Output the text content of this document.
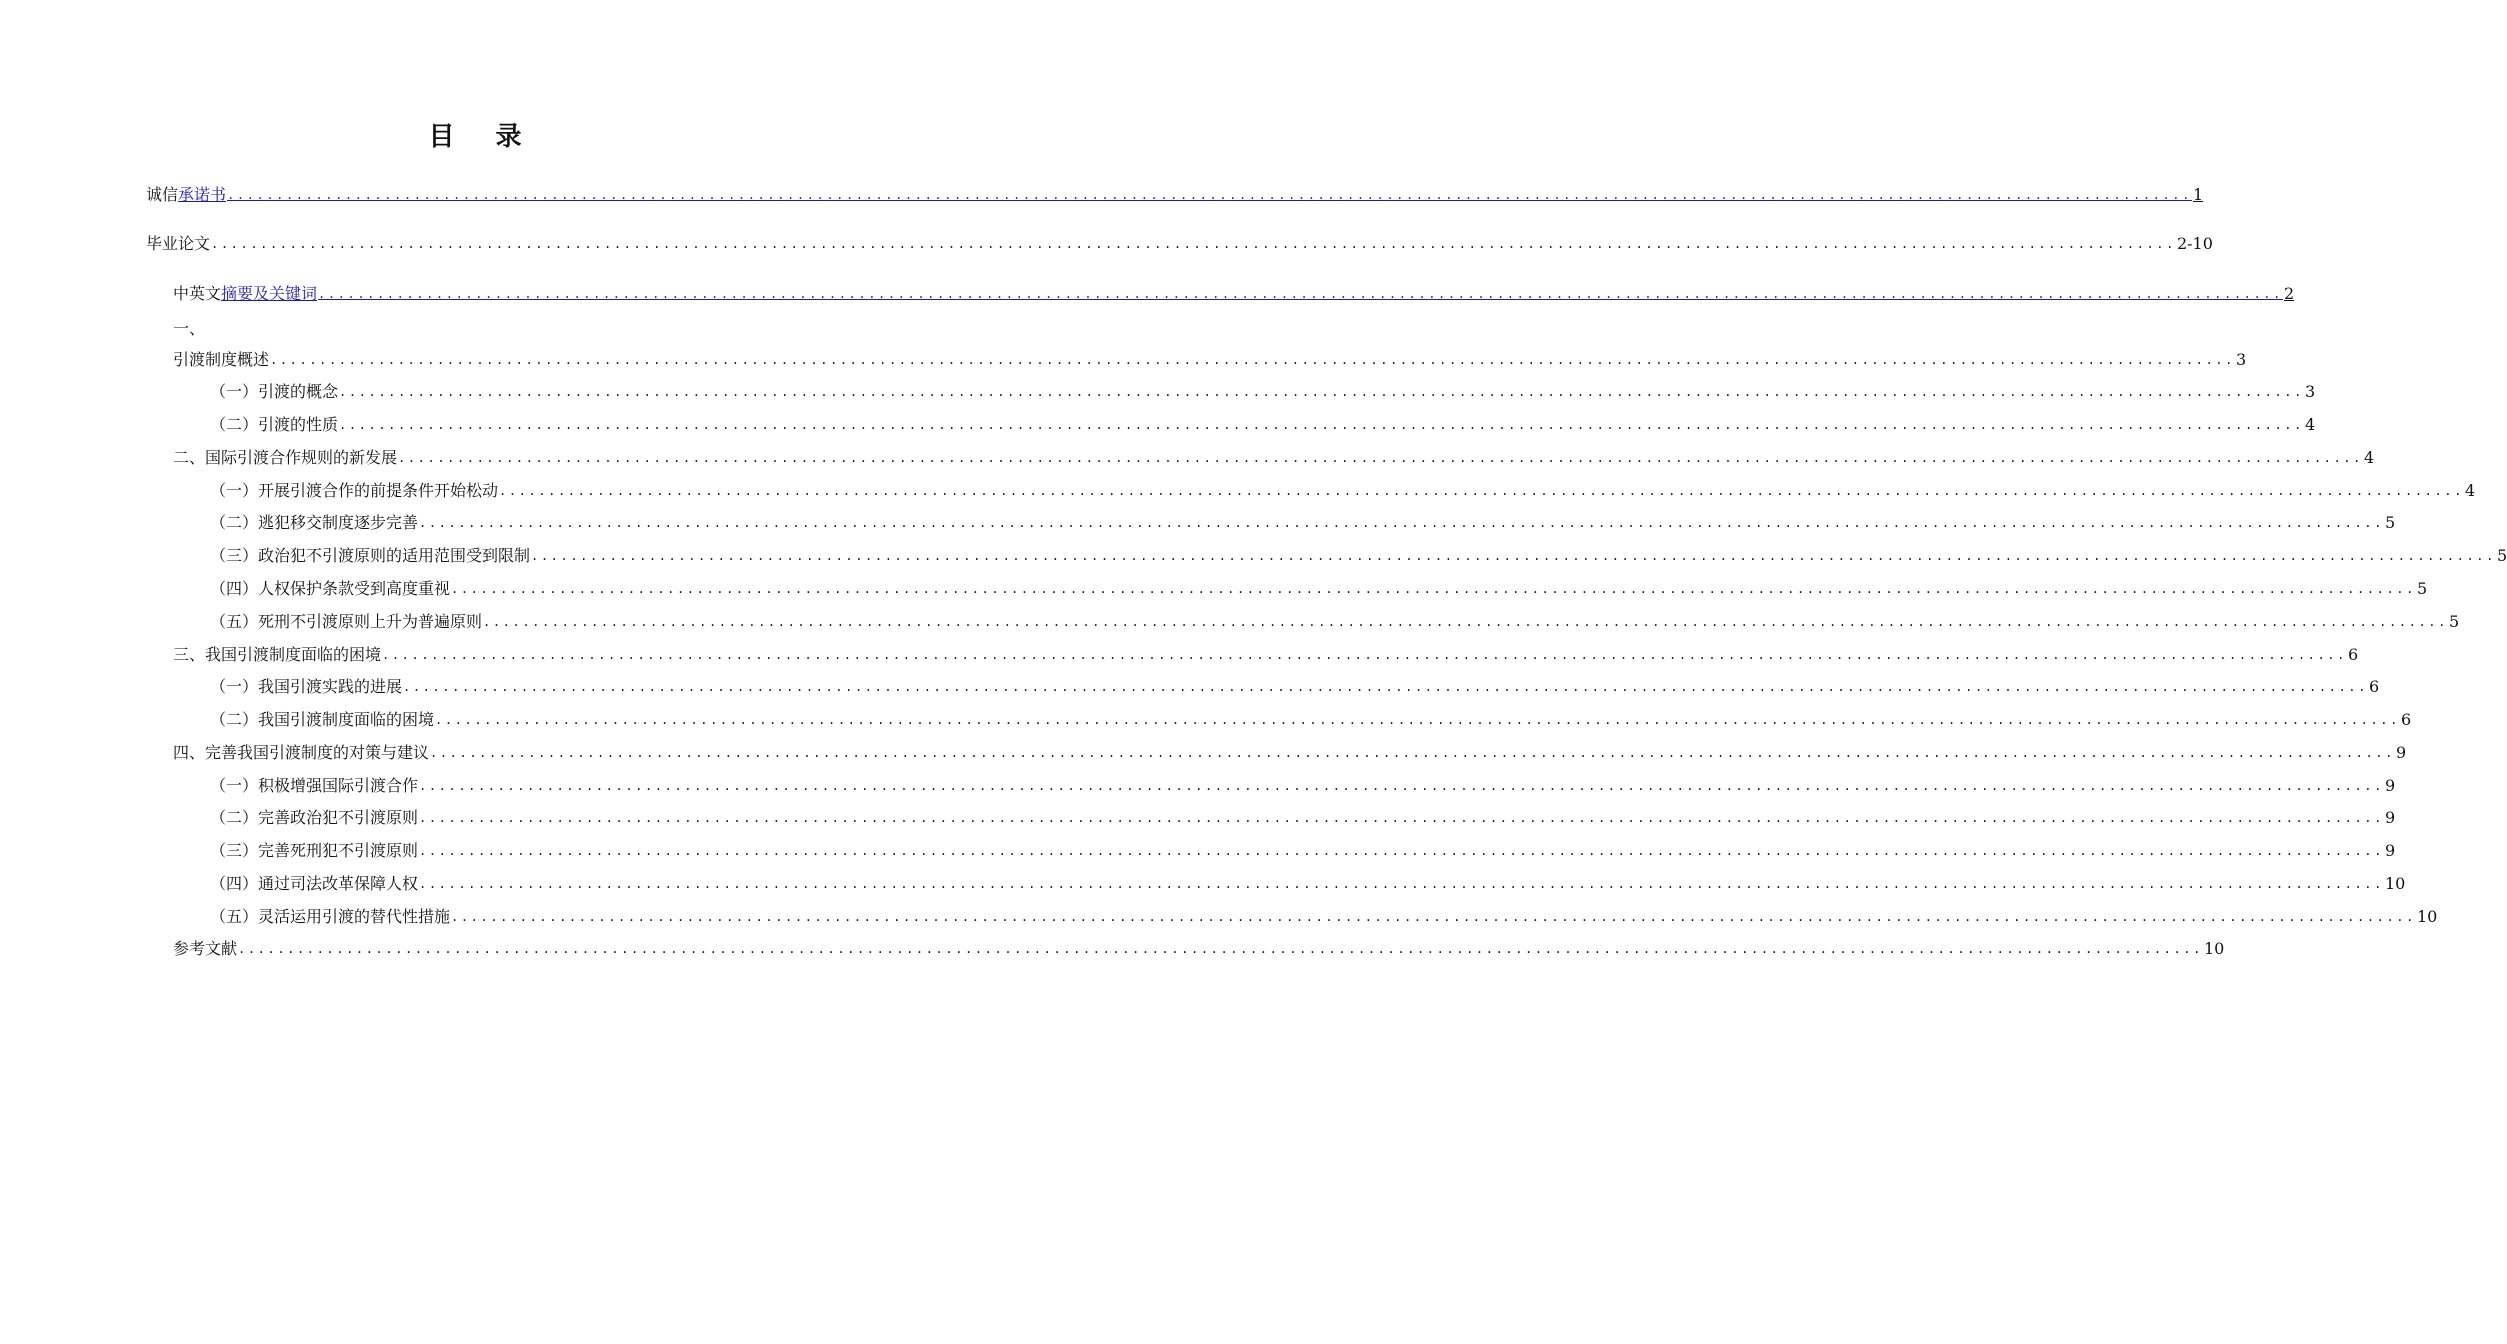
目 录
一、
诚信承诺书 ........................................................................................................................................................................................................ 1
毕业论文 ........................................................................................................................................................................................................ 2-10
中英文摘要及关键词 ........................................................................................................................................................................................................ 2
引渡制度概述 ........................................................................................................................................................................................................ 3
（一）引渡的概念 ........................................................................................................................................................................................................ 3
（二）引渡的性质 ........................................................................................................................................................................................................ 4
二、国际引渡合作规则的新发展 ........................................................................................................................................................................................................ 4
（一）开展引渡合作的前提条件开始松动 ........................................................................................................................................................................................................ 4
（二）逃犯移交制度逐步完善 ........................................................................................................................................................................................................ 5
（三）政治犯不引渡原则的适用范围受到限制 ........................................................................................................................................................................................................ 5
（四）人权保护条款受到高度重视 ........................................................................................................................................................................................................ 5
（五）死刑不引渡原则上升为普遍原则 ........................................................................................................................................................................................................ 5
三、我国引渡制度面临的困境 ........................................................................................................................................................................................................ 6
（一）我国引渡实践的进展 ........................................................................................................................................................................................................ 6
（二）我国引渡制度面临的困境 ........................................................................................................................................................................................................ 6
四、完善我国引渡制度的对策与建议 ........................................................................................................................................................................................................ 9
（一）积极增强国际引渡合作 ........................................................................................................................................................................................................ 9
（二）完善政治犯不引渡原则 ........................................................................................................................................................................................................ 9
（三）完善死刑犯不引渡原则 ........................................................................................................................................................................................................ 9
（四）通过司法改革保障人权 ........................................................................................................................................................................................................ 10
（五）灵活运用引渡的替代性措施 ........................................................................................................................................................................................................ 10
参考文献 ........................................................................................................................................................................................................ 10
